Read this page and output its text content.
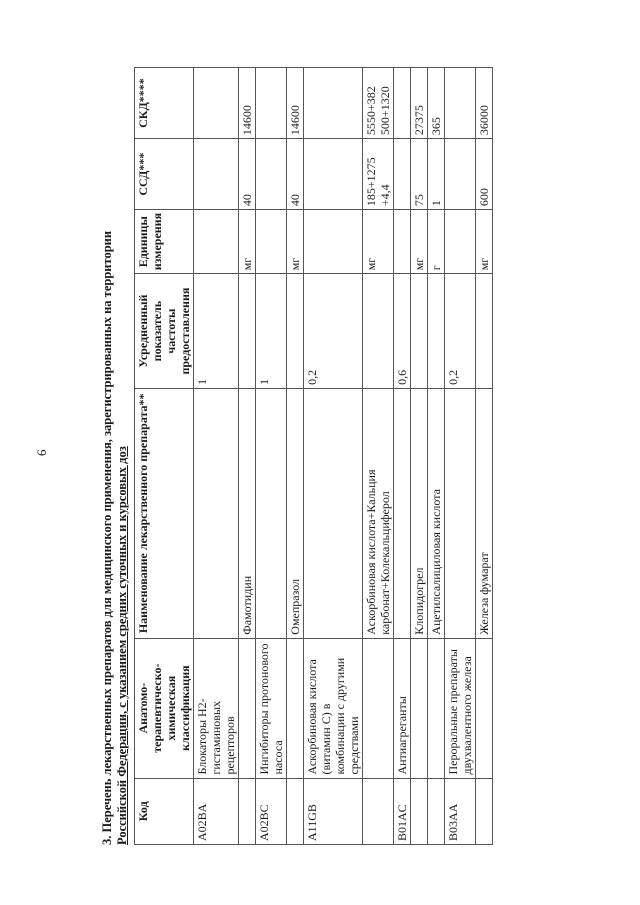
6	3. Перечень лекарственных препаратов для медицинского применения, зарегистрированных на территории Российской Федерации, с указанием средних суточных и курсовых доз Код	Анатомо-терапевтическо-химическая классификация	Наименование лекарственного препарата**	Усредненный показатель частоты предоставления	Единицы измерения	ССД***	СКД****
A02BA	Блокаторы Н2-гистаминовых рецепторов		1			
		Фамотидин		мг	40	14600
A02BC	Ингибиторы протонового насоса		1			
		Омепразол		мг	40	14600
A11GB	Аскорбиновая кислота (витамин С) в комбинации с другими средствами		0,2			
		Аскорбиновая кислота+Кальция карбонат+Колекальциферол		мг	185+1275 +4,4	5550+382 500+1320
B01AC	Антиагреганты		0,6			
		Клопидогрел		мг	75	27375
		Ацетилсалициловая кислота		г	1	365
B03AA	Пероральные препараты двухвалентного железа		0,2			
		Железа фумарат		мг	600	36000
